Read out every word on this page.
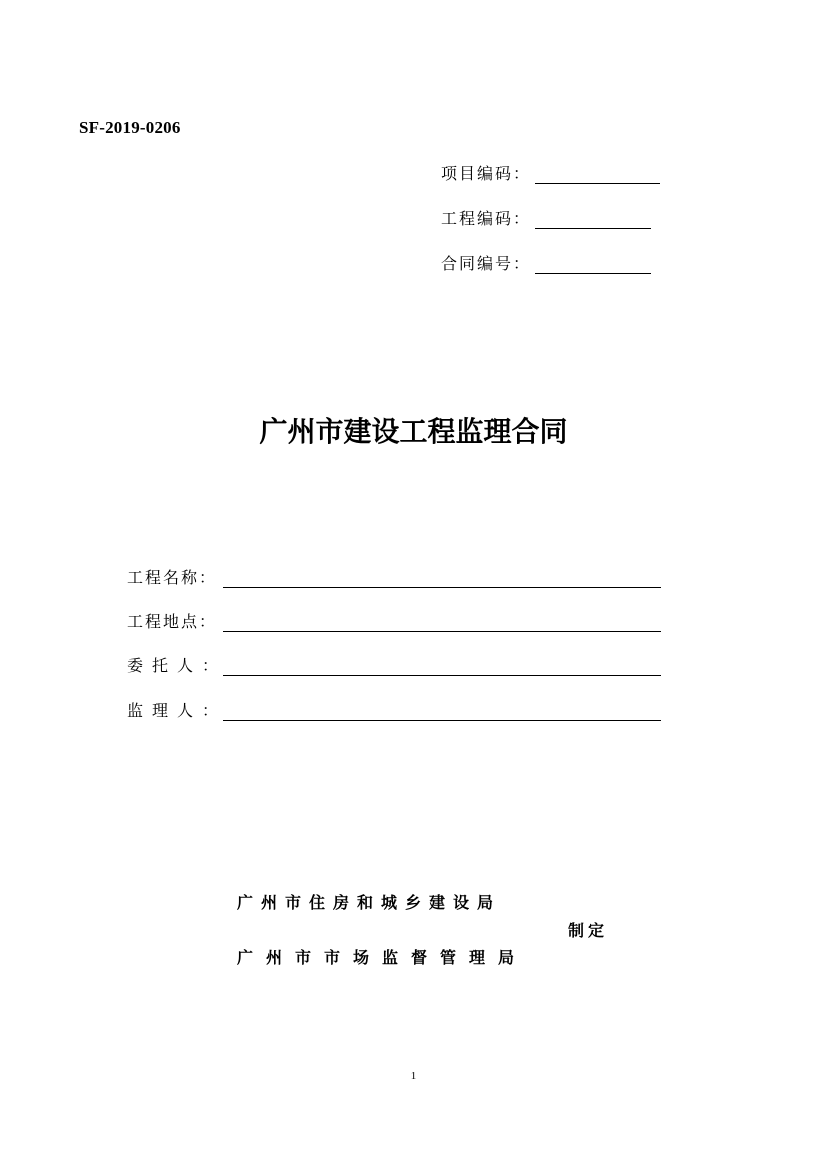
SF-2019-0206
项目编码：
工程编码：
合同编号：
广州市建设工程监理合同
工程名称：
工程地点：
委托人：
监理人：
广州市住房和城乡建设局
制定
广州市市场监督管理局
1
